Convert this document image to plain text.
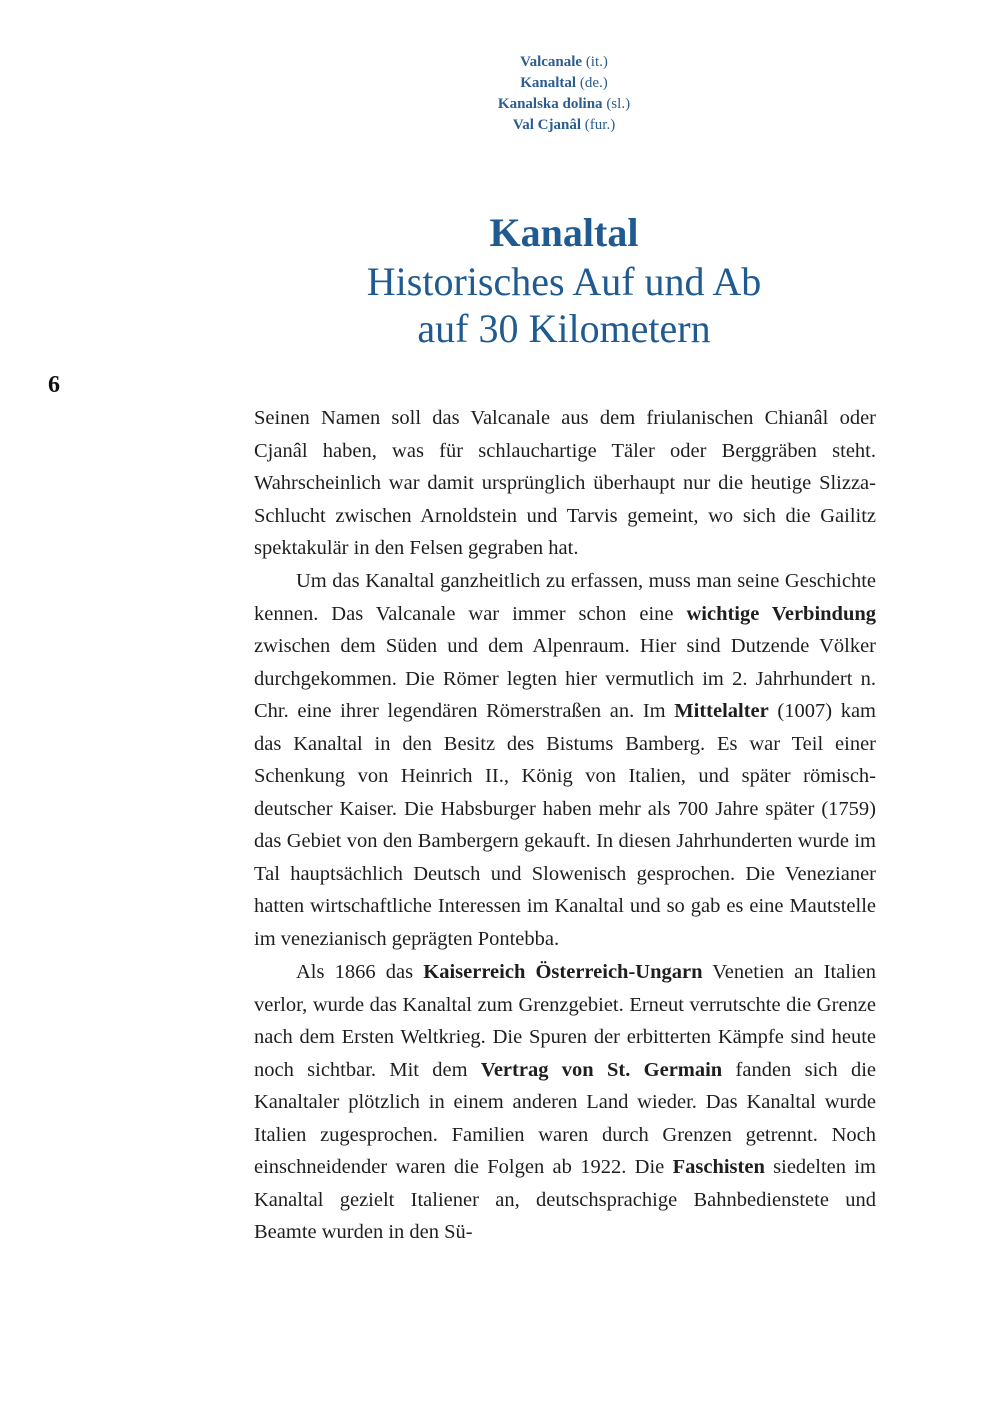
Valcanale (it.)
Kanaltal (de.)
Kanalska dolina (sl.)
Val Cjanâl (fur.)
Kanaltal
Historisches Auf und Ab
auf 30 Kilometern
6

Seinen Namen soll das Valcanale aus dem friulanischen Chianâl oder Cjanâl haben, was für schlauchartige Täler oder Berggräben steht. Wahrscheinlich war damit ursprünglich überhaupt nur die heutige Slizza-Schlucht zwischen Arnoldstein und Tarvis gemeint, wo sich die Gailitz spektakulär in den Felsen gegraben hat.

Um das Kanaltal ganzheitlich zu erfassen, muss man seine Geschichte kennen. Das Valcanale war immer schon eine wichtige Verbindung zwischen dem Süden und dem Alpenraum. Hier sind Dutzende Völker durchgekommen. Die Römer legten hier vermutlich im 2. Jahrhundert n. Chr. eine ihrer legendären Römerstraßen an. Im Mittelalter (1007) kam das Kanaltal in den Besitz des Bistums Bamberg. Es war Teil einer Schenkung von Heinrich II., König von Italien, und später römisch-deutscher Kaiser. Die Habsburger haben mehr als 700 Jahre später (1759) das Gebiet von den Bambergern gekauft. In diesen Jahrhunderten wurde im Tal hauptsächlich Deutsch und Slowenisch gesprochen. Die Venezianer hatten wirtschaftliche Interessen im Kanaltal und so gab es eine Mautstelle im venezianisch geprägten Pontebba.

Als 1866 das Kaiserreich Österreich-Ungarn Venetien an Italien verlor, wurde das Kanaltal zum Grenzgebiet. Erneut verrutschte die Grenze nach dem Ersten Weltkrieg. Die Spuren der erbitterten Kämpfe sind heute noch sichtbar. Mit dem Vertrag von St. Germain fanden sich die Kanaltaler plötzlich in einem anderen Land wieder. Das Kanaltal wurde Italien zugesprochen. Familien waren durch Grenzen getrennt. Noch einschneidender waren die Folgen ab 1922. Die Faschisten siedelten im Kanaltal gezielt Italiener an, deutschsprachige Bahnbedienstete und Beamte wurden in den Sü-
